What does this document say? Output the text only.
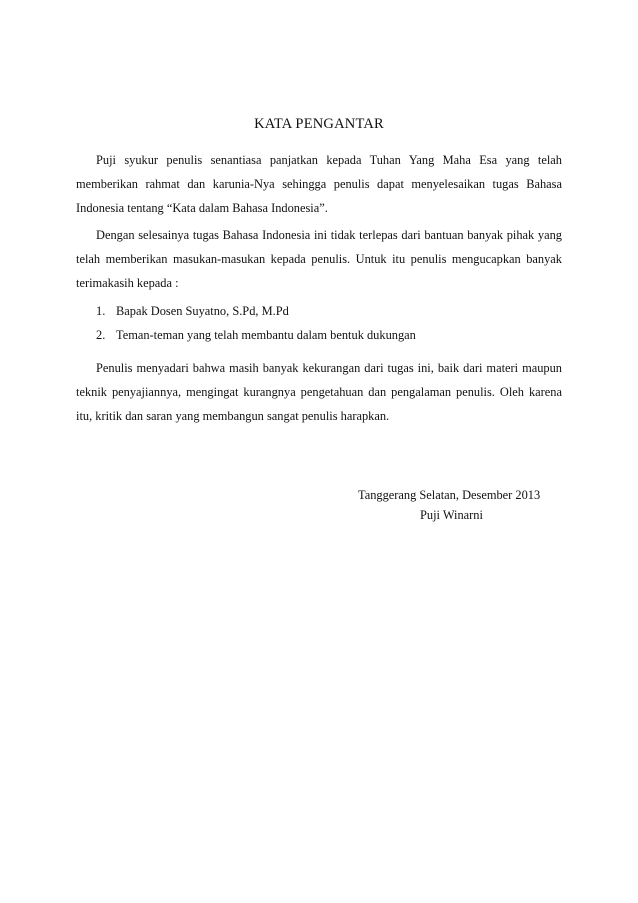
KATA PENGANTAR

Puji syukur penulis senantiasa panjatkan kepada Tuhan Yang Maha Esa yang telah memberikan rahmat dan karunia-Nya sehingga penulis dapat menyelesaikan tugas Bahasa Indonesia tentang “Kata dalam Bahasa Indonesia”.

Dengan selesainya tugas Bahasa Indonesia ini tidak terlepas dari bantuan banyak pihak yang telah memberikan masukan-masukan kepada penulis. Untuk itu penulis mengucapkan banyak terimakasih kepada :

1. Bapak Dosen Suyatno, S.Pd, M.Pd
2. Teman-teman yang telah membantu dalam bentuk dukungan

Penulis menyadari bahwa masih banyak kekurangan dari tugas ini, baik dari materi maupun teknik penyajiannya, mengingat kurangnya pengetahuan dan pengalaman penulis. Oleh karena itu, kritik dan saran yang membangun sangat penulis harapkan.

Tanggerang Selatan, Desember 2013
Puji Winarni
